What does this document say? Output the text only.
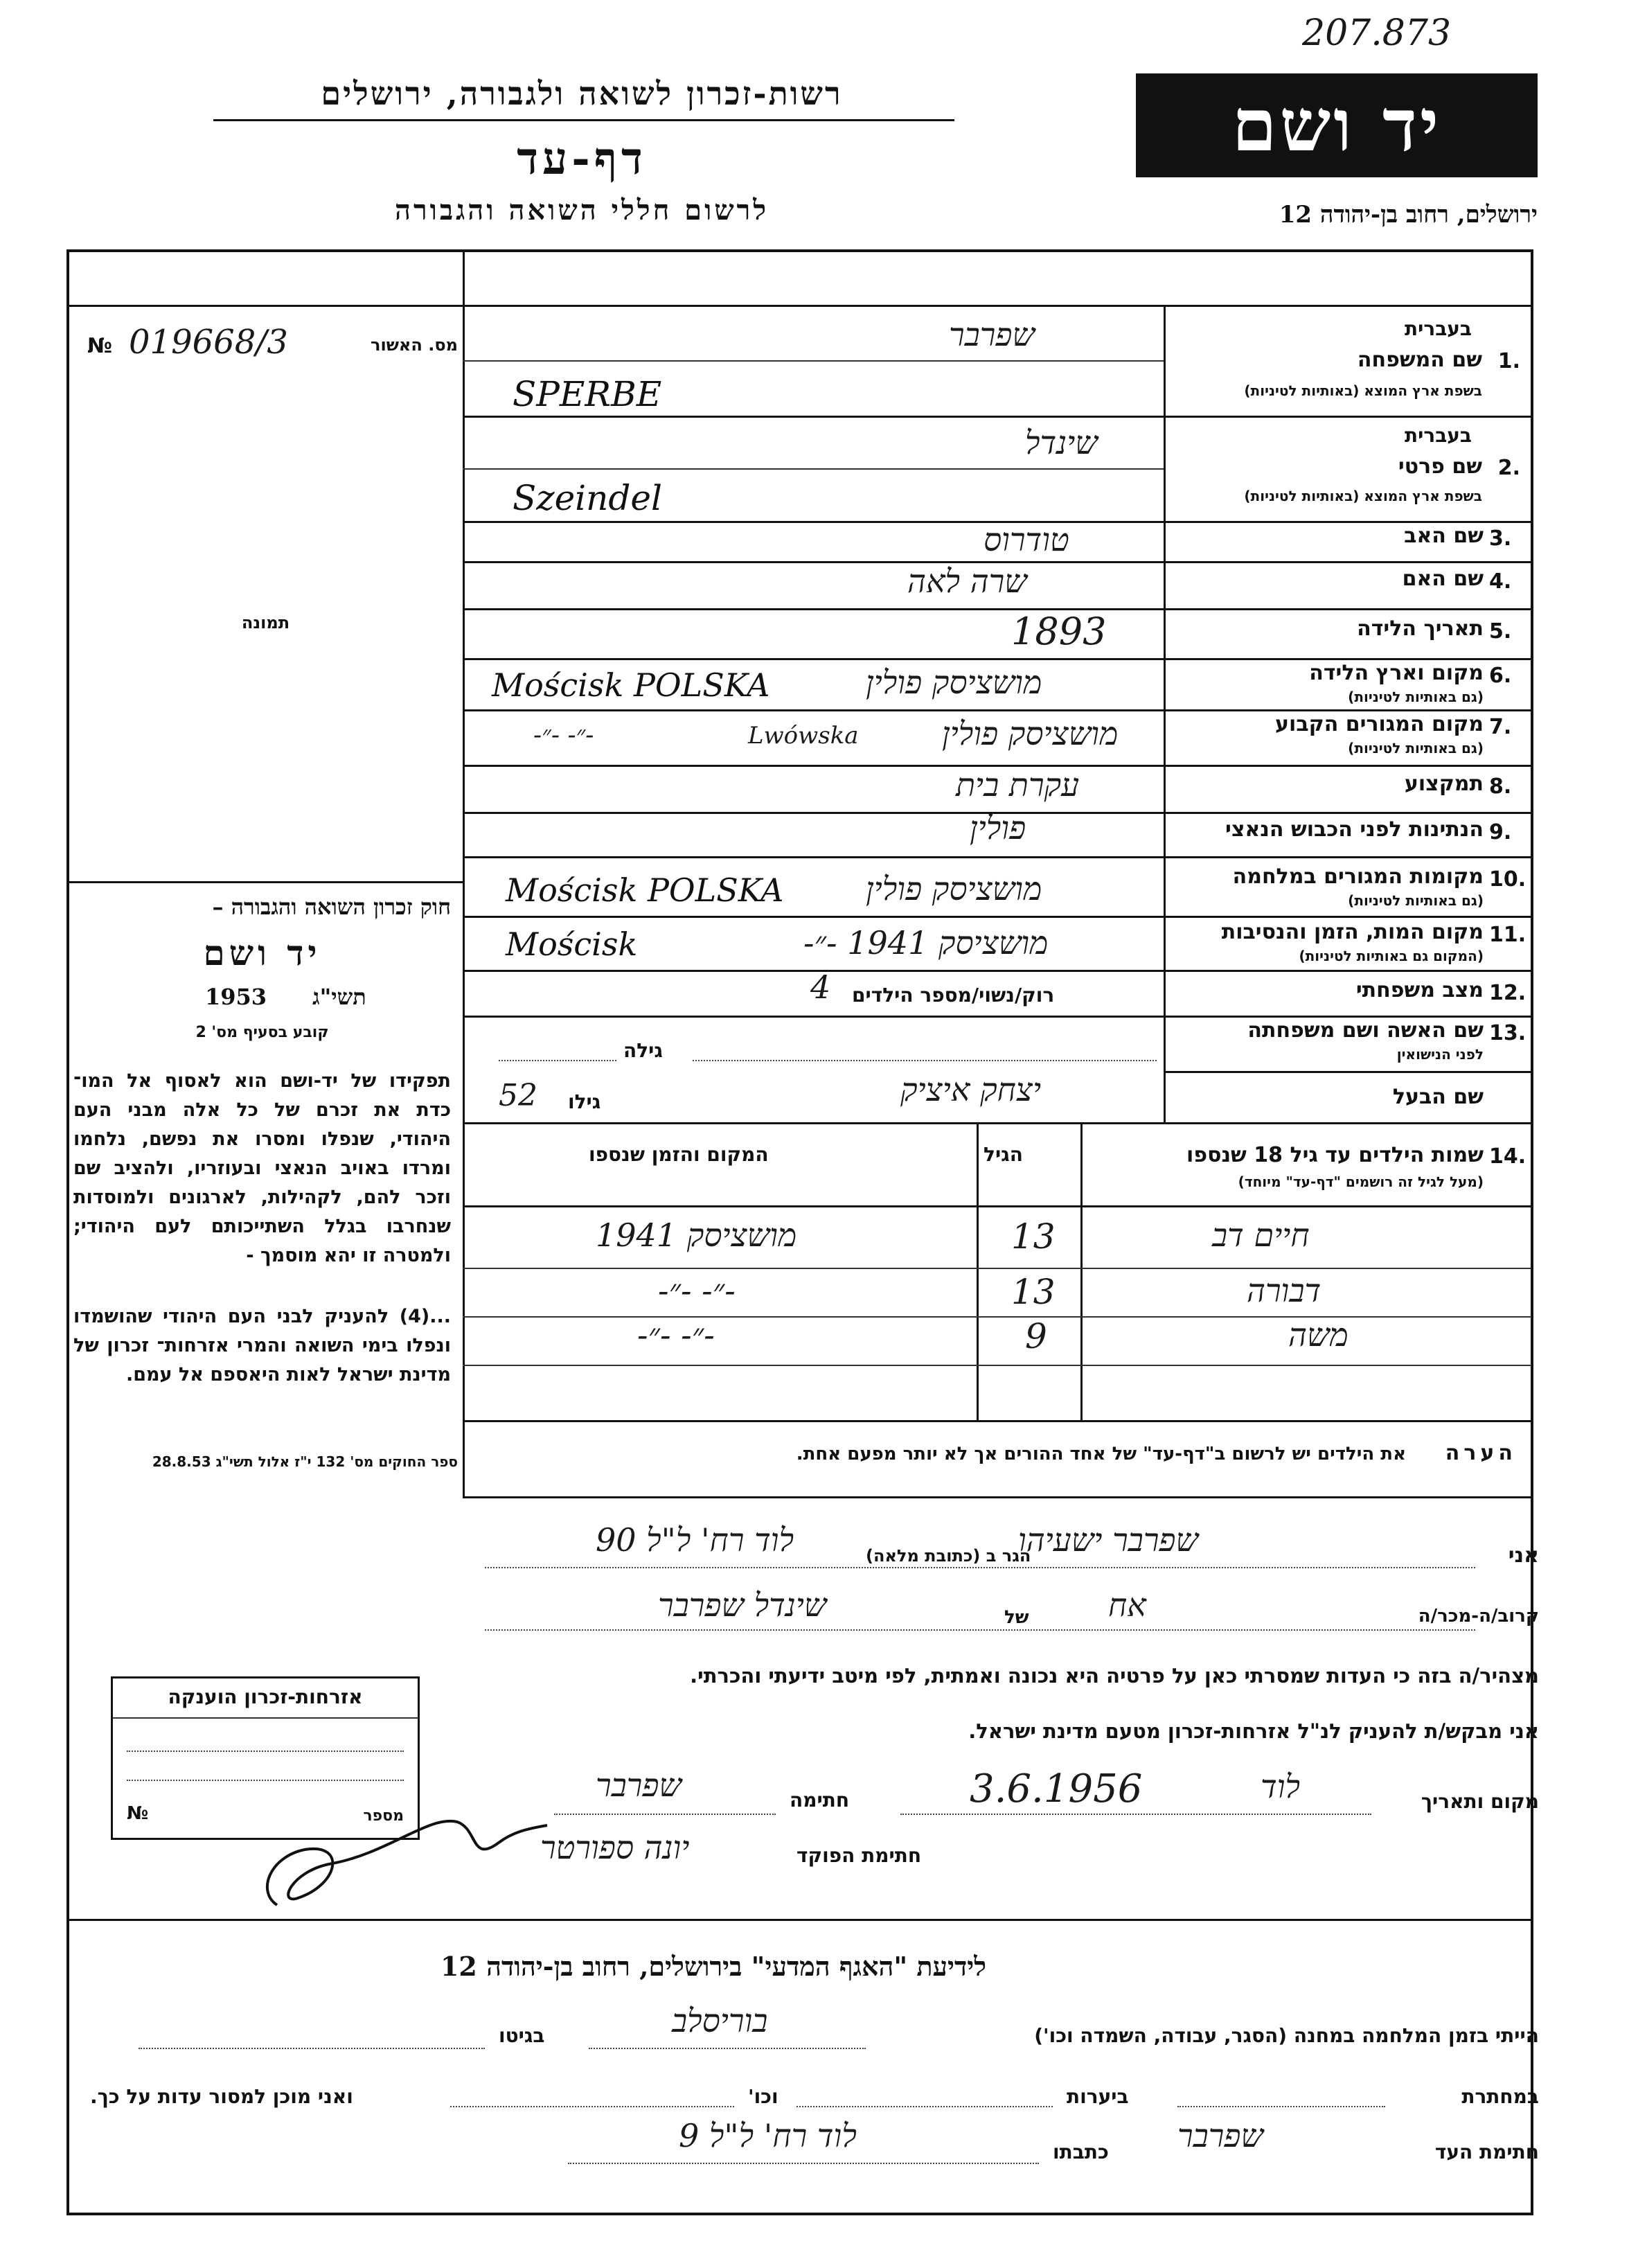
207.873
רשות-זכרון לשואה ולגבורה, ירושלים
דף-עד
לרשום חללי השואה והגבורה
יד ושם
ירושלים, רחוב בן-יהודה 12
מס. האשור
№ 019668/3
תמונה
חוק זכרון השואה והגבורה –
יד ושם
1953 תשי"ג
קובע בסעיף מס' 2
תפקידו של יד-ושם הוא לאסוף אל המו־ כדת את זכרם של כל אלה מבני העם היהודי, שנפלו ומסרו את נפשם, נלחמו ומרדו באויב הנאצי ובעוזריו, ולהציב שם וזכר להם, לקהילות, לארגונים ולמוסדות שנחרבו בגלל השתייכותם לעם היהודי; ולמטרה זו יהא מוסמך -
...(4) להעניק לבני העם היהודי שהושמדו ונפלו בימי השואה והמרי אזרחות־ זכרון של מדינת ישראל לאות היאספם אל עמם.
ספר החוקים מס' 132 י"ז אלול תשי"ג 28.8.53
בעברית
1.
שם המשפחה
בשפת ארץ המוצא (באותיות לטיניות)
שפרבר
SPERBE
בעברית
2.
שם פרטי
בשפת ארץ המוצא (באותיות לטיניות)
שינדל
Szeindel
3.
שם האב
טודרוס
4.
שם האם
שרה לאה
5.
תאריך הלידה
1893
6.
מקום וארץ הלידה
(גם באותיות לטיניות)
מושציסק פולין
Mościsk POLSKA
7.
מקום המגורים הקבוע
(גם באותיות לטיניות)
מושציסק פולין
Lwówska
-״- -״-
8.
תמקצוע
עקרת בית
9.
הנתינות לפני הכבוש הנאצי
פולין
10.
מקומות המגורים במלחמה
(גם באותיות לטיניות)
מושציסק פולין
Mościsk POLSKA
11.
מקום המות, הזמן והנסיבות
(המקום גם באותיות לטיניות)
מושציסק 1941 -״-
Mościsk
12.
מצב משפחתי
רוק/נשוי/מספר הילדים
4
13.
שם האשה ושם משפחתה
לפני הנישואין
גילה
שם הבעל
יצחק איציק
גילו
52
14.
שמות הילדים עד גיל 18 שנספו
(מעל לגיל זה רושמים "דף-עד" מיוחד)
הגיל
המקום והזמן שנספו
חיים דב
13
מושציסק 1941
דבורה
13
-״- -״-
משה
9
-״- -״-
הערה
את הילדים יש לרשום ב"דף-עד" של אחד ההורים אך לא יותר מפעם אחת.
אני
שפרבר ישעיהו
הגר ב (כתובת מלאה)
לוד רח' ל"ל 90
קרוב/ה-מכר/ה
אח
של
שינדל שפרבר
מצהיר/ה בזה כי העדות שמסרתי כאן על פרטיה היא נכונה ואמתית, לפי מיטב ידיעתי והכרתי.
אני מבקש/ת להעניק לנ"ל אזרחות-זכרון מטעם מדינת ישראל.
מקום ותאריך
לוד
3.6.1956
חתימה
שפרבר
חתימת הפוקד
יונה ספורטר
אזרחות-זכרון הוענקה
מספר
№
לידיעת "האגף המדעי" בירושלים, רחוב בן-יהודה 12
הייתי בזמן המלחמה במחנה (הסגר, עבודה, השמדה וכו')
בוריסלב
בגיטו
במחתרת
ביערות
וכו'
ואני מוכן למסור עדות על כך.
חתימת העד
שפרבר
כתבתו
לוד רח' ל"ל 9
